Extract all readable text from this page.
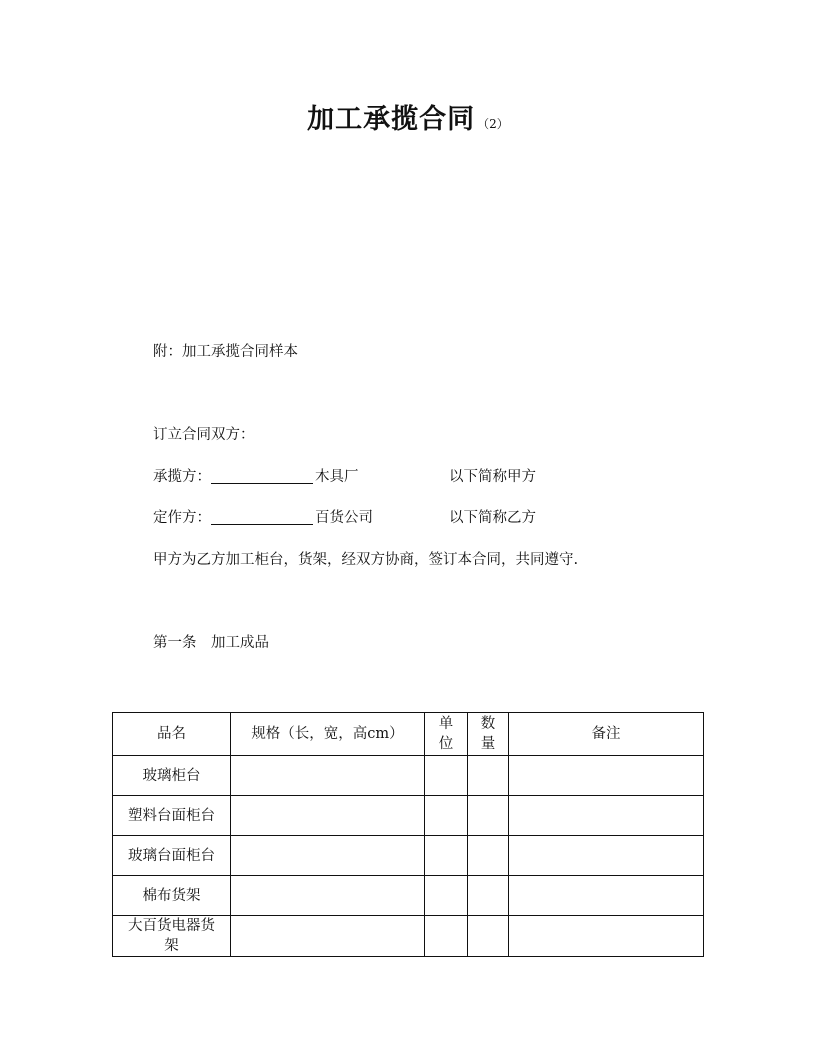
加工承揽合同 （2）
附：加工承揽合同样本
订立合同双方：
承揽方：	木具厂	以下简称甲方
定作方：	百货公司	以下简称乙方
甲方为乙方加工柜台，货架，经双方协商，签订本合同，共同遵守.
第一条　加工成品
品名	规格（长，宽，高cm）	单位	数量	备注
玻璃柜台				
塑料台面柜台				
玻璃台面柜台				
棉布货架				
大百货电器货架				
